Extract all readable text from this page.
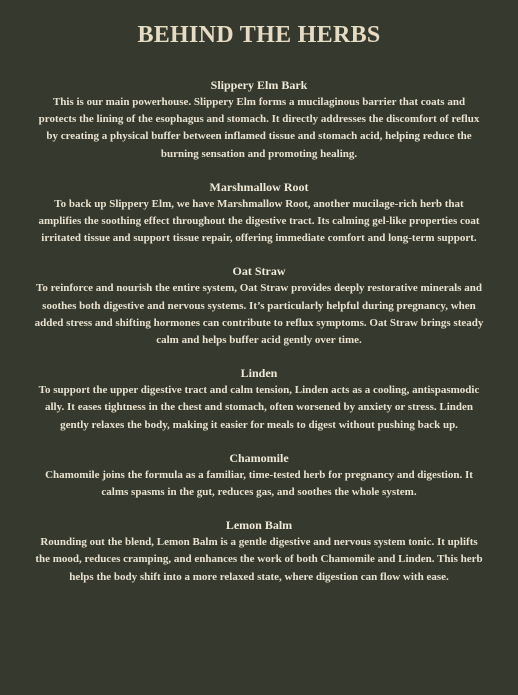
BEHIND THE HERBS
Slippery Elm Bark

This is our main powerhouse. Slippery Elm forms a mucilaginous barrier that coats and protects the lining of the esophagus and stomach. It directly addresses the discomfort of reflux by creating a physical buffer between inflamed tissue and stomach acid, helping reduce the burning sensation and promoting healing.

Marshmallow Root

To back up Slippery Elm, we have Marshmallow Root, another mucilage-rich herb that amplifies the soothing effect throughout the digestive tract. Its calming gel-like properties coat irritated tissue and support tissue repair, offering immediate comfort and long-term support.

Oat Straw

To reinforce and nourish the entire system, Oat Straw provides deeply restorative minerals and soothes both digestive and nervous systems. It’s particularly helpful during pregnancy, when added stress and shifting hormones can contribute to reflux symptoms. Oat Straw brings steady calm and helps buffer acid gently over time.

Linden

To support the upper digestive tract and calm tension, Linden acts as a cooling, antispasmodic ally. It eases tightness in the chest and stomach, often worsened by anxiety or stress. Linden gently relaxes the body, making it easier for meals to digest without pushing back up.

Chamomile

Chamomile joins the formula as a familiar, time-tested herb for pregnancy and digestion. It calms spasms in the gut, reduces gas, and soothes the whole system.

Lemon Balm

Rounding out the blend, Lemon Balm is a gentle digestive and nervous system tonic. It uplifts the mood, reduces cramping, and enhances the work of both Chamomile and Linden. This herb helps the body shift into a more relaxed state, where digestion can flow with ease.
